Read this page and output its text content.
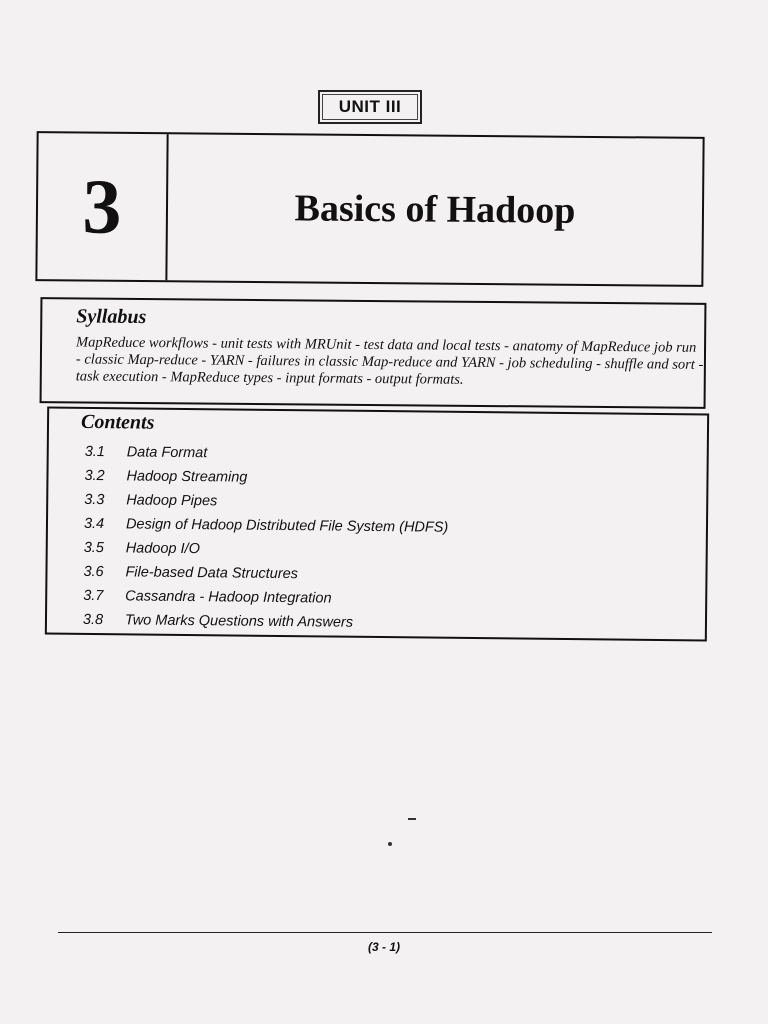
UNIT III
3	Basics of Hadoop
Syllabus
MapReduce workflows - unit tests with MRUnit - test data and local tests - anatomy of MapReduce job run - classic Map-reduce - YARN - failures in classic Map-reduce and YARN - job scheduling - shuffle and sort - task execution - MapReduce types - input formats - output formats.
Contents
3.1	Data Format
3.2	Hadoop Streaming
3.3	Hadoop Pipes
3.4	Design of Hadoop Distributed File System (HDFS)
3.5	Hadoop I/O
3.6	File-based Data Structures
3.7	Cassandra - Hadoop Integration
3.8	Two Marks Questions with Answers
(3 - 1)
